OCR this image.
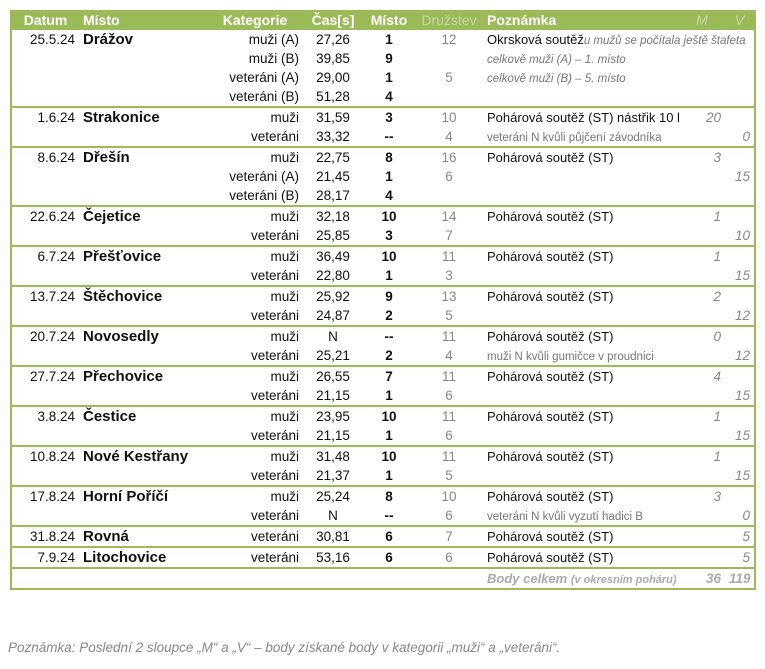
Datum	Místo	Kategorie	Čas[s]	Místo	Družstev	Poznámka	M	V
25.5.24	Drážov	muži (A)	27,26	1	12	Okrsková soutěžu mužů se počítala ještě štafeta		
		muži (B)	39,85	9		celkově muži (A) – 1. místo		
		veteráni (A)	29,00	1	5	celkově muži (B) – 5. místo		
		veteráni (B)	51,28	4				
1.6.24	Strakonice	muži	31,59	3	10	Pohárová soutěž (ST) nástřik 10 l	20	
		veteráni	33,32	--	4	veteráni N kvůli půjčení závodníka		0
8.6.24	Dřešín	muži	22,75	8	16	Pohárová soutěž (ST)	3	
		veteráni (A)	21,45	1	6			15
		veteráni (B)	28,17	4				
22.6.24	Čejetice	muži	32,18	10	14	Pohárová soutěž (ST)	1	
		veteráni	25,85	3	7			10
6.7.24	Přešťovice	muži	36,49	10	11	Pohárová soutěž (ST)	1	
		veteráni	22,80	1	3			15
13.7.24	Štěchovice	muži	25,92	9	13	Pohárová soutěž (ST)	2	
		veteráni	24,87	2	5			12
20.7.24	Novosedly	muži	N	--	11	Pohárová soutěž (ST)	0	
		veteráni	25,21	2	4	muži N kvůli gumičce v proudnici		12
27.7.24	Přechovice	muži	26,55	7	11	Pohárová soutěž (ST)	4	
		veteráni	21,15	1	6			15
3.8.24	Čestice	muži	23,95	10	11	Pohárová soutěž (ST)	1	
		veteráni	21,15	1	6			15
10.8.24	Nové Kestřany	muži	31,48	10	11	Pohárová soutěž (ST)	1	
		veteráni	21,37	1	5			15
17.8.24	Horní Poříčí	muži	25,24	8	10	Pohárová soutěž (ST)	3	
		veteráni	N	--	6	veteráni N kvůli vyzutí hadici B		0
31.8.24	Rovná	veteráni	30,81	6	7	Pohárová soutěž (ST)		5
7.9.24	Litochovice	veteráni	53,16	6	6	Pohárová soutěž (ST)		5
						Body celkem (v okresním poháru)	36	119
Poznámka: Poslední 2 sloupce „M“ a „V“ – body získané body v kategorii „muži“ a „veteráni“.
